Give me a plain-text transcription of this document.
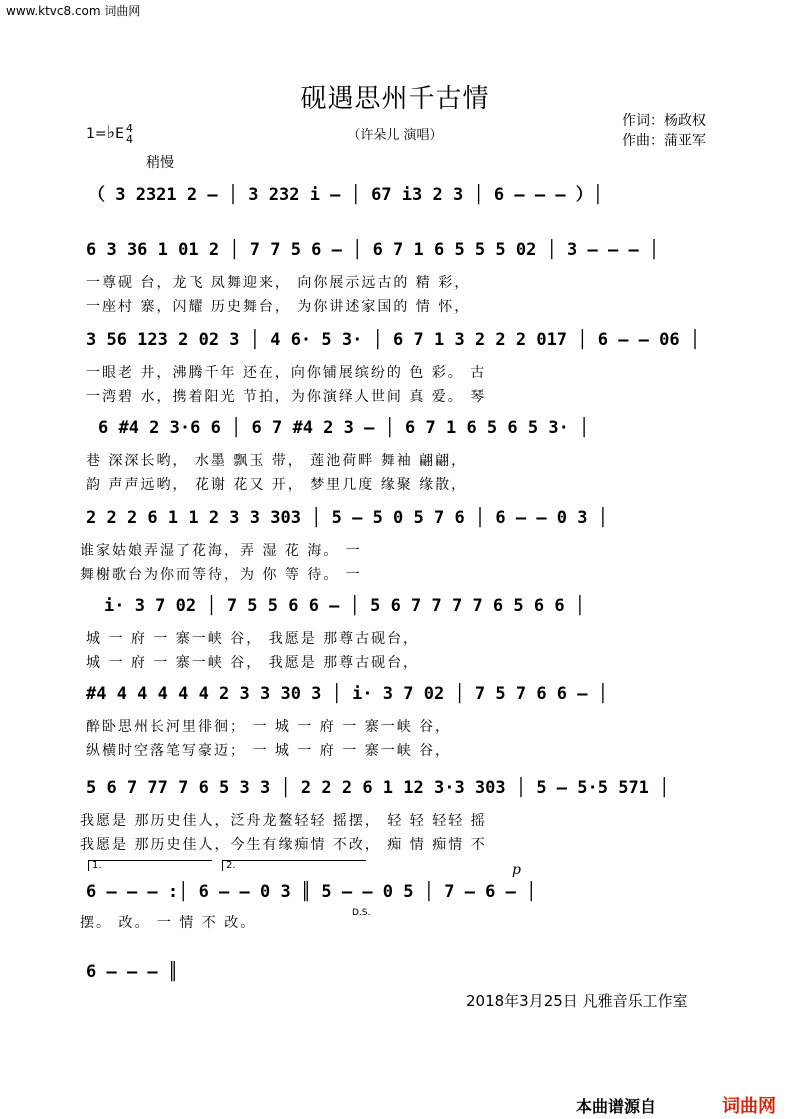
www.ktvc8.com 词曲网
砚遇思州千古情
（许朵儿 演唱）
作词：杨政权
作曲：蒲亚军
1=♭E 4
4
稍慢
（ 3 2321 2 – │ 3 232 i – │ 67 i3 2 3 │ 6 – – – ）│
6 3 36 1 01 2 │ 7 7 5 6 – │ 6 7 1 6 5 5 5 02 │ 3 – – – │
一尊砚 台，龙飞 凤舞迎来， 向你展示远古的 精 彩，
一座村 寨，闪耀 历史舞台， 为你讲述家国的 情 怀，
3 56 123 2 02 3 │ 4 6· 5 3· │ 6 7 1 3 2 2 2 017 │ 6 – – 06 │
一眼老 井，沸腾千年 还在，向你铺展缤纷的 色 彩。 古
一湾碧 水，携着阳光 节拍，为你演绎人世间 真 爱。 琴
6 #4 2 3·6 6 │ 6 7 #4 2 3 – │ 6 7 1 6 5 6 5 3· │
巷 深深长哟， 水墨 飘玉 带， 莲池荷畔 舞袖 翩翩，
韵 声声远哟， 花谢 花又 开， 梦里几度 缘聚 缘散，
2 2 2 6 1 1 2 3 3 303 │ 5 – 5 0 5 7 6 │ 6 – – 0 3 │
谁家姑娘弄湿了花海，弄 湿 花 海。 一
舞榭歌台为你而等待，为 你 等 待。 一
i· 3 7 02 │ 7 5 5 6 6 – │ 5 6 7 7 7 7 6 5 6 6 │
城 一 府 一 寨一峡 谷， 我愿是 那尊古砚台，
城 一 府 一 寨一峡 谷， 我愿是 那尊古砚台，
#4 4 4 4 4 4 2 3 3 30 3 │ i· 3 7 02 │ 7 5 7 6 6 – │
醉卧思州长河里徘徊； 一 城 一 府 一 寨一峡 谷，
纵横时空落笔写豪迈； 一 城 一 府 一 寨一峡 谷，
5 6 7 77 7 6 5 3 3 │ 2 2 2 6 1 12 3·3 303 │ 5 – 5·5 571 │
我愿是 那历史佳人，泛舟龙鳌轻轻 摇摆， 轻 轻 轻轻 摇
我愿是 那历史佳人，今生有缘痴情 不改， 痴 情 痴情 不
1.	2.	p
6 – – – :│ 6 – – 0 3 ║ 5 – – 0 5 │ 7 – 6 – │
摆。 改。 一 情 不 改。
D.S.
6 – – – ║
2018年3月25日 凡雅音乐工作室
本曲谱源自	词曲网
